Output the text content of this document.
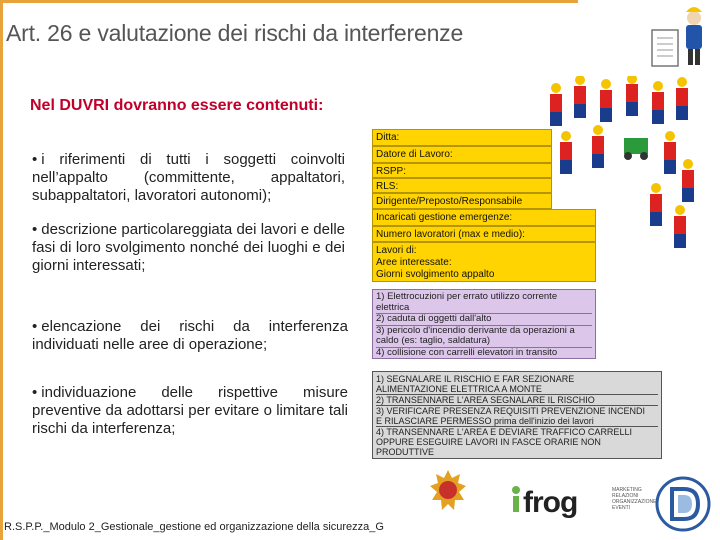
Art. 26 e valutazione dei rischi da interferenze
Nel DUVRI dovranno essere contenuti:
• i riferimenti di tutti i soggetti coinvolti nell’appalto (committente, appaltatori, subappaltatori, lavoratori autonomi);
• descrizione particolareggiata dei lavori e delle fasi di loro svolgimento nonché dei luoghi e dei giorni interessati;
• elencazione dei rischi da interferenza individuati nelle aree di operazione;
• individuazione delle rispettive misure preventive da adottarsi per evitare o limitare tali rischi da interferenza;
Ditta:
Datore di Lavoro:
RSPP:
RLS:
Dirigente/Preposto/Responsabile
Incaricati gestione emergenze:
Numero lavoratori (max e medio):
Lavori di:
Aree interessate:
Giorni svolgimento appalto
1) Elettrocuzioni per errato utilizzo corrente
elettrica
2) caduta di oggetti dall'alto
3) pericolo d'incendio derivante da operazioni a
caldo (es: taglio, saldatura)
4) collisione con carrelli elevatori in transito
1) SEGNALARE IL RISCHIO E FAR SEZIONARE
ALIMENTAZIONE ELETTRICA A MONTE
2) TRANSENNARE L'AREA SEGNALARE IL RISCHIO
3) VERIFICARE PRESENZA REQUISITI PREVENZIONE INCENDI
E RILASCIARE PERMESSO prima dell'inizio dei lavori
4) TRANSENNARE L'AREA E DEVIARE TRAFFICO CARRELLI
OPPURE ESEGUIRE LAVORI IN FASCE ORARIE NON
PRODUTTIVE
frog	MARKETING RELAZIONI ORGANIZZAZIONE EVENTI
R.S.P.P._Modulo 2_Gestionale_gestione ed organizzazione della sicurezza_G
